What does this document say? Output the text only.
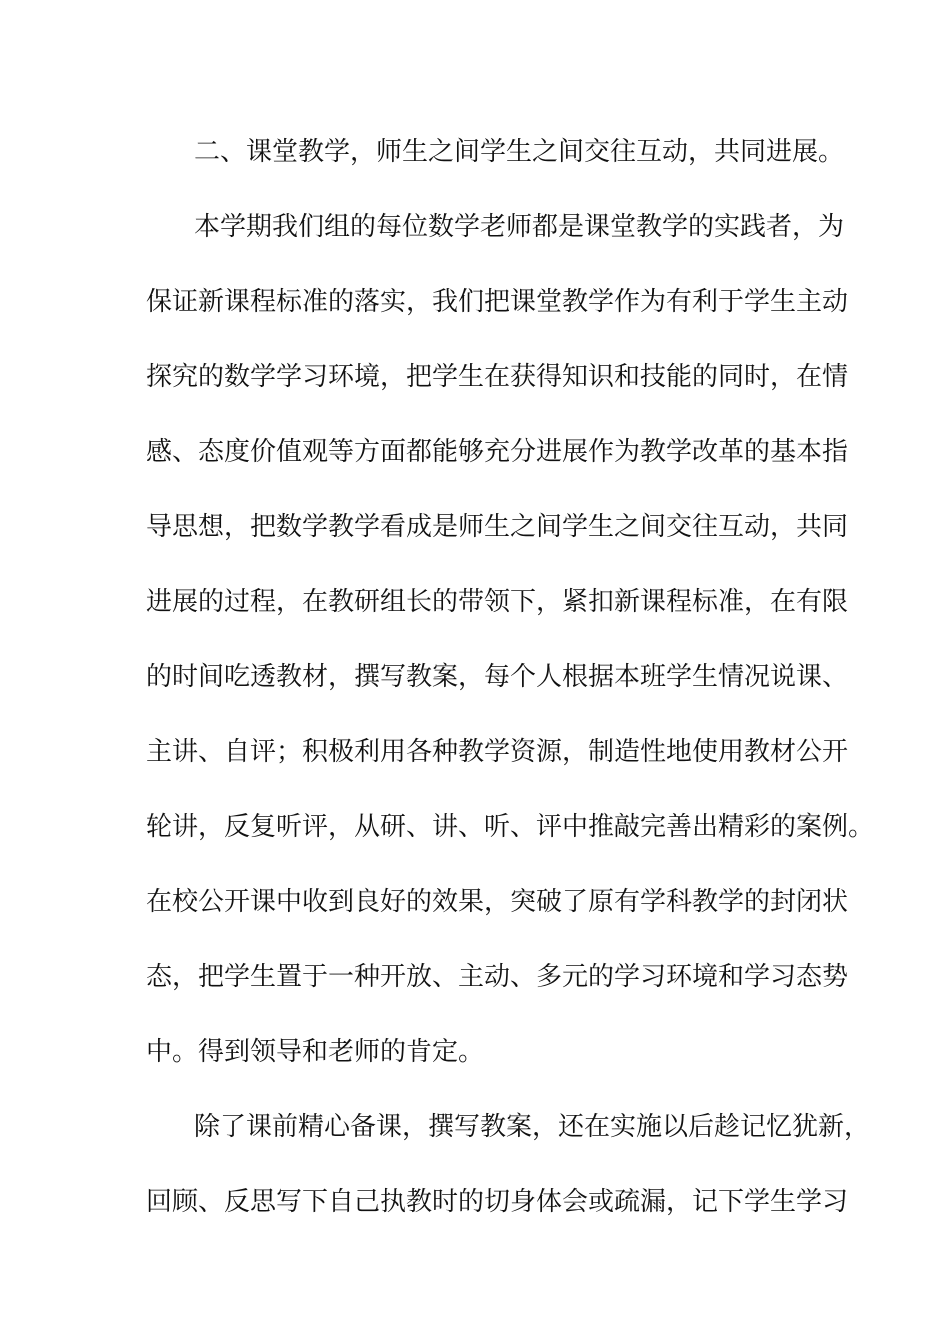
二、课堂教学，师生之间学生之间交往互动，共同进展。
本学期我们组的每位数学老师都是课堂教学的实践者，为
保证新课程标准的落实，我们把课堂教学作为有利于学生主动
探究的数学学习环境，把学生在获得知识和技能的同时，在情
感、态度价值观等方面都能够充分进展作为教学改革的基本指
导思想，把数学教学看成是师生之间学生之间交往互动，共同
进展的过程，在教研组长的带领下，紧扣新课程标准，在有限
的时间吃透教材，撰写教案，每个人根据本班学生情况说课、
主讲、自评；积极利用各种教学资源，制造性地使用教材公开
轮讲，反复听评，从研、讲、听、评中推敲完善出精彩的案例。
在校公开课中收到良好的效果，突破了原有学科教学的封闭状
态，把学生置于一种开放、主动、多元的学习环境和学习态势
中。得到领导和老师的肯定。
除了课前精心备课，撰写教案，还在实施以后趁记忆犹新，
回顾、反思写下自己执教时的切身体会或疏漏，记下学生学习
